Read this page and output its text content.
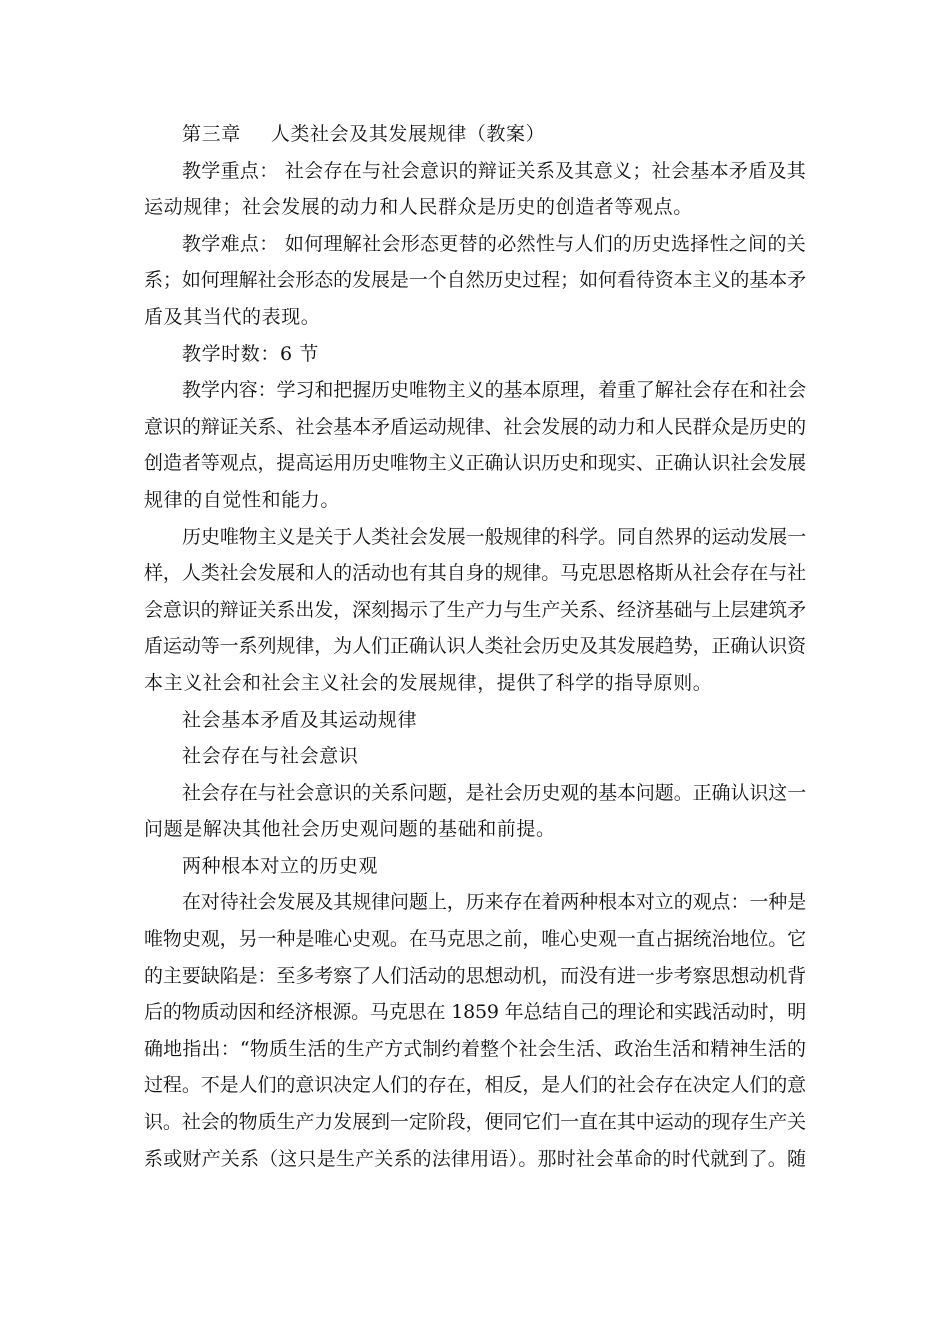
第三章 人类社会及其发展规律（教案）
教学重点： 社会存在与社会意识的辩证关系及其意义；社会基本矛盾及其
运动规律；社会发展的动力和人民群众是历史的创造者等观点。
教学难点： 如何理解社会形态更替的必然性与人们的历史选择性之间的关
系；如何理解社会形态的发展是一个自然历史过程；如何看待资本主义的基本矛
盾及其当代的表现。
教学时数：6 节
教学内容：学习和把握历史唯物主义的基本原理，着重了解社会存在和社会
意识的辩证关系、社会基本矛盾运动规律、社会发展的动力和人民群众是历史的
创造者等观点，提高运用历史唯物主义正确认识历史和现实、正确认识社会发展
规律的自觉性和能力。
历史唯物主义是关于人类社会发展一般规律的科学。同自然界的运动发展一
样，人类社会发展和人的活动也有其自身的规律。马克思恩格斯从社会存在与社
会意识的辩证关系出发，深刻揭示了生产力与生产关系、经济基础与上层建筑矛
盾运动等一系列规律，为人们正确认识人类社会历史及其发展趋势，正确认识资
本主义社会和社会主义社会的发展规律，提供了科学的指导原则。
社会基本矛盾及其运动规律
社会存在与社会意识
社会存在与社会意识的关系问题，是社会历史观的基本问题。正确认识这一
问题是解决其他社会历史观问题的基础和前提。
两种根本对立的历史观
在对待社会发展及其规律问题上，历来存在着两种根本对立的观点：一种是
唯物史观，另一种是唯心史观。在马克思之前，唯心史观一直占据统治地位。它
的主要缺陷是：至多考察了人们活动的思想动机，而没有进一步考察思想动机背
后的物质动因和经济根源。马克思在 1859 年总结自己的理论和实践活动时，明
确地指出：“物质生活的生产方式制约着整个社会生活、政治生活和精神生活的
过程。不是人们的意识决定人们的存在，相反，是人们的社会存在决定人们的意
识。社会的物质生产力发展到一定阶段，便同它们一直在其中运动的现存生产关
系或财产关系（这只是生产关系的法律用语）。那时社会革命的时代就到了。随
